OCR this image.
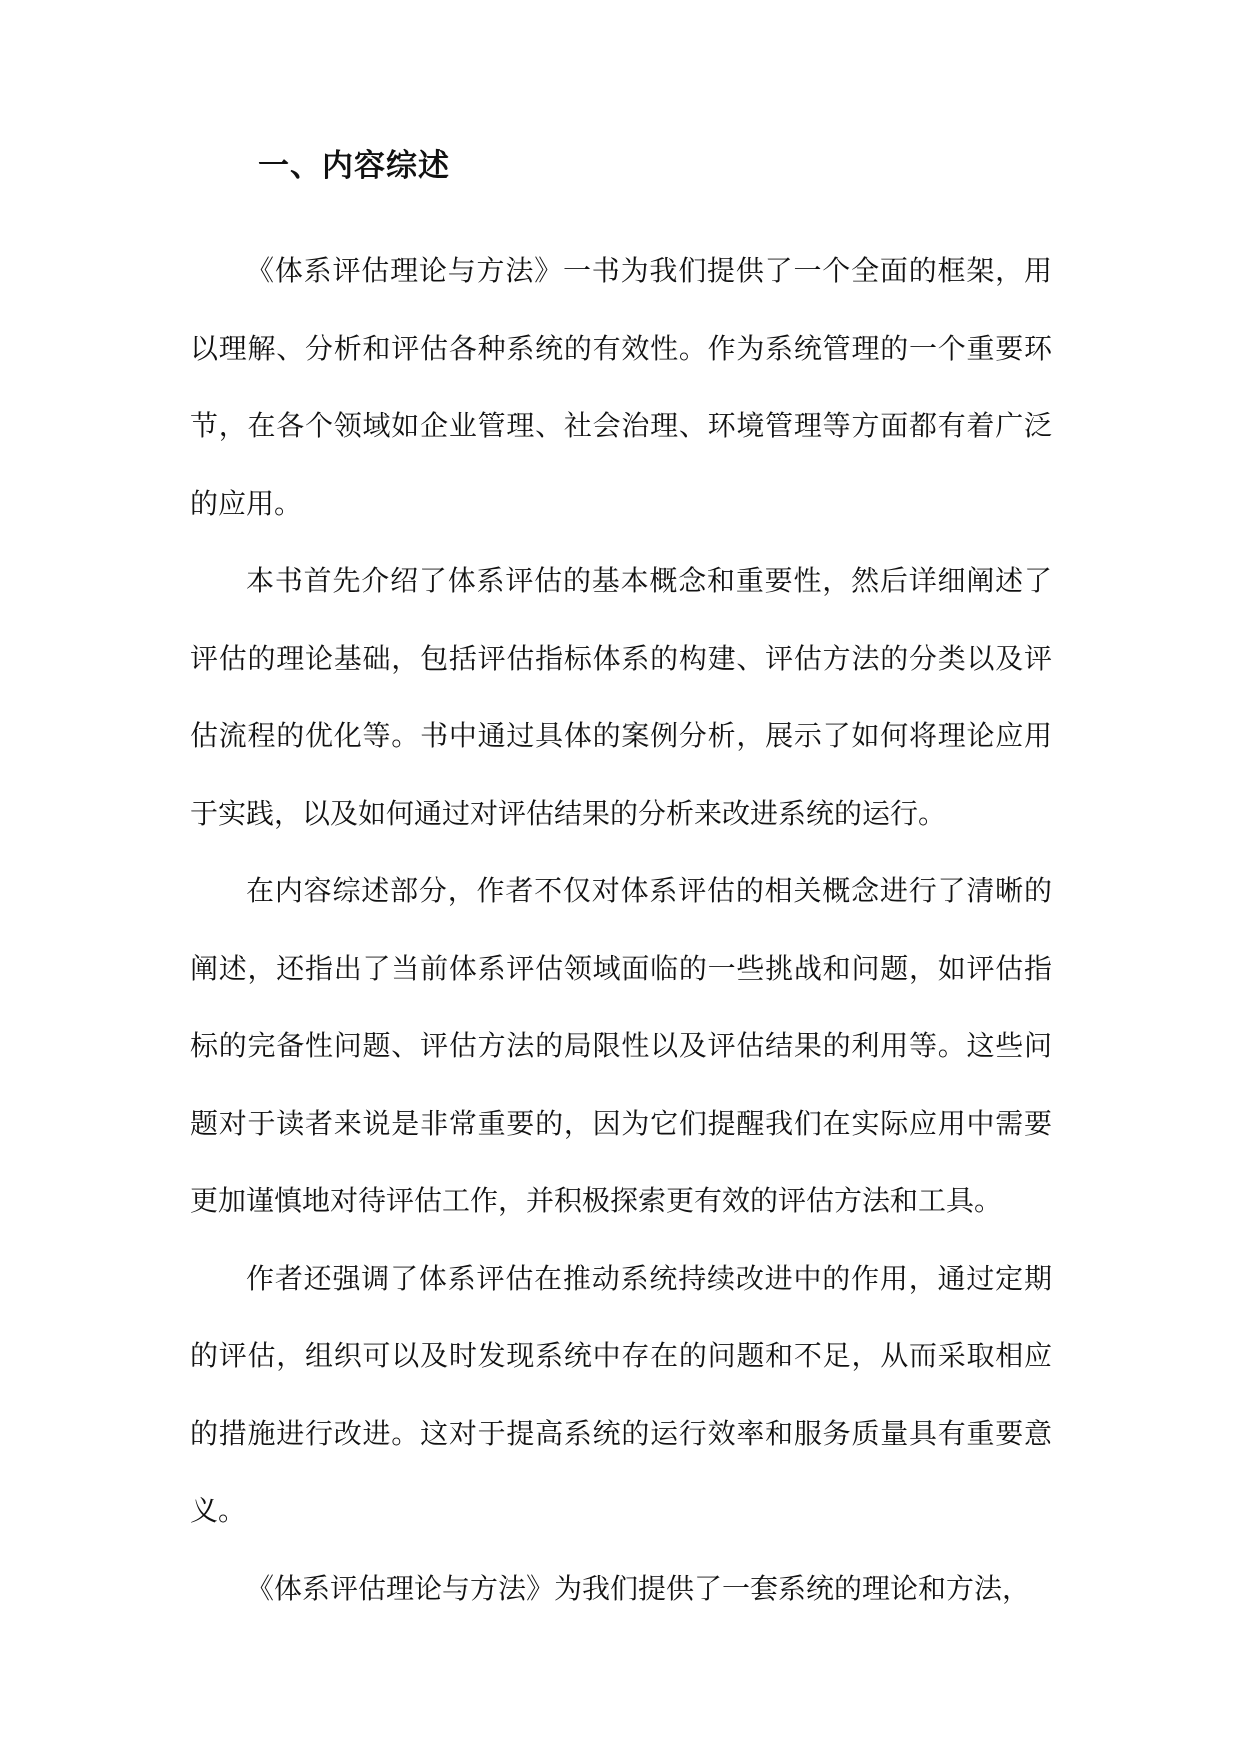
一、内容综述

《体系评估理论与方法》一书为我们提供了一个全面的框架，用以理解、分析和评估各种系统的有效性。作为系统管理的一个重要环节，在各个领域如企业管理、社会治理、环境管理等方面都有着广泛的应用。

本书首先介绍了体系评估的基本概念和重要性，然后详细阐述了评估的理论基础，包括评估指标体系的构建、评估方法的分类以及评估流程的优化等。书中通过具体的案例分析，展示了如何将理论应用于实践，以及如何通过对评估结果的分析来改进系统的运行。

在内容综述部分，作者不仅对体系评估的相关概念进行了清晰的阐述，还指出了当前体系评估领域面临的一些挑战和问题，如评估指标的完备性问题、评估方法的局限性以及评估结果的利用等。这些问题对于读者来说是非常重要的，因为它们提醒我们在实际应用中需要更加谨慎地对待评估工作，并积极探索更有效的评估方法和工具。

作者还强调了体系评估在推动系统持续改进中的作用，通过定期的评估，组织可以及时发现系统中存在的问题和不足，从而采取相应的措施进行改进。这对于提高系统的运行效率和服务质量具有重要意义。

《体系评估理论与方法》为我们提供了一套系统的理论和方法，
